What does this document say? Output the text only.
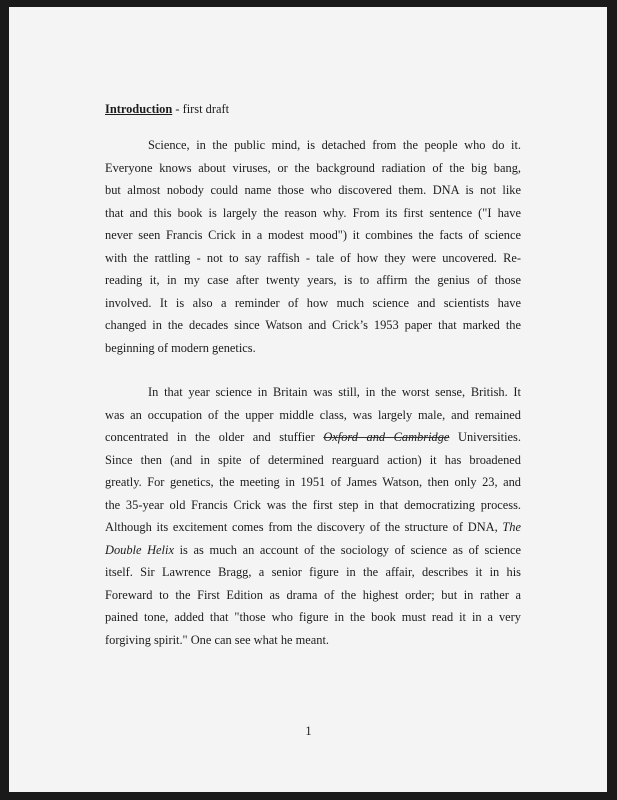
Introduction - first draft
Science, in the public mind, is detached from the people who do it.
Everyone knows about viruses, or the background radiation of the big bang,
but almost nobody could name those who discovered them. DNA is not like
that and this book is largely the reason why. From its first sentence ("I have
never seen Francis Crick in a modest mood") it combines the facts of science
with the rattling - not to say raffish - tale of how they were uncovered. Re-
reading it, in my case after twenty years, is to affirm the genius of those
involved. It is also a reminder of how much science and scientists have
changed in the decades since Watson and Crick’s 1953 paper that marked the
beginning of modern genetics.
In that year science in Britain was still, in the worst sense, British. It
was an occupation of the upper middle class, was largely male, and remained
concentrated in the older and stuffier Oxford and Cambridge Universities.
Since then (and in spite of determined rearguard action) it has broadened
greatly. For genetics, the meeting in 1951 of James Watson, then only 23, and
the 35-year old Francis Crick was the first step in that democratizing process.
Although its excitement comes from the discovery of the structure of DNA, The
Double Helix is as much an account of the sociology of science as of science
itself. Sir Lawrence Bragg, a senior figure in the affair, describes it in his
Foreward to the First Edition as drama of the highest order; but in rather a
pained tone, added that "those who figure in the book must read it in a very
forgiving spirit." One can see what he meant.
1
